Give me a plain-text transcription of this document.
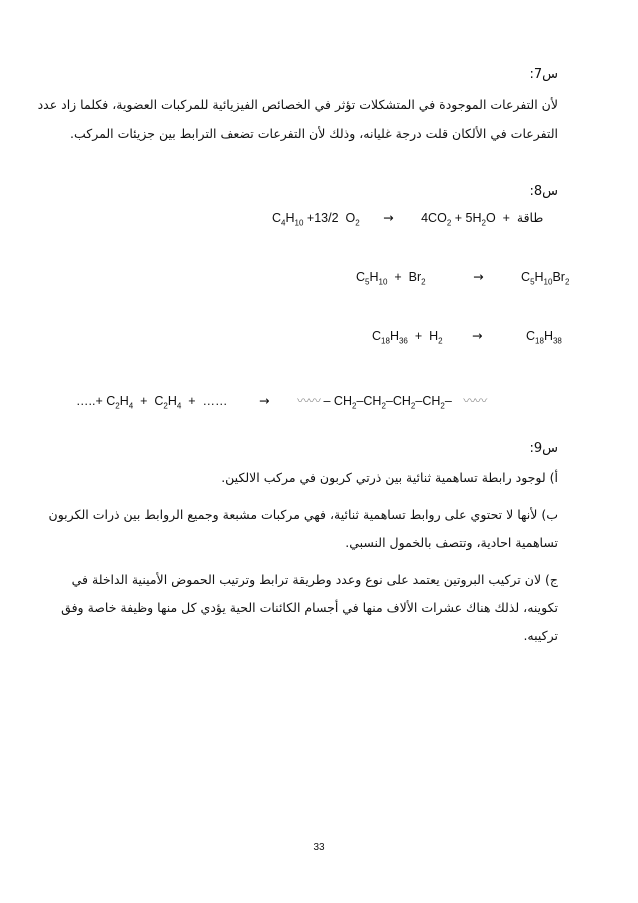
س7:
لأن التفرعات الموجودة في المتشكلات تؤثر في الخصائص الفيزيائية للمركبات العضوية، فكلما زاد عدد
التفرعات في الألكان قلت درجة غليانه، وذلك لأن التفرعات تضعف الترابط بين جزيئات المركب.
س8:
$C_4H_{10} +13/2$  $O_2 \to 4CO_2 + 5H_2O$  +  طاقة
$C_5H_{10} + Br_2$	→	$C_5H_{10}Br_2$
$C_{18}H_{36} + H_2$ →	$C_{18}H_{38}$
…..+ $C_2H_4 + C_2H_4$  +  ……	→ 〰〰 – $CH_2-CH_2-CH_2-CH_2-$ 〰〰
س9:
أ) لوجود رابطة تساهمية ثنائية بين ذرتي كربون في مركب الالكين.
ب) لأنها لا تحتوي على روابط تساهمية ثنائية، فهي مركبات مشبعة وجميع الروابط بين ذرات الكربون
تساهمية احادية، وتتصف بالخمول النسبي.
ج) لان تركيب البروتين يعتمد على نوع وعدد وطريقة ترابط وترتيب الحموض الأمينية الداخلة في
تكوينه، لذلك هناك عشرات الألاف منها في أجسام الكائنات الحية يؤدي كل منها وظيفة خاصة وفق
تركيبه.
33
